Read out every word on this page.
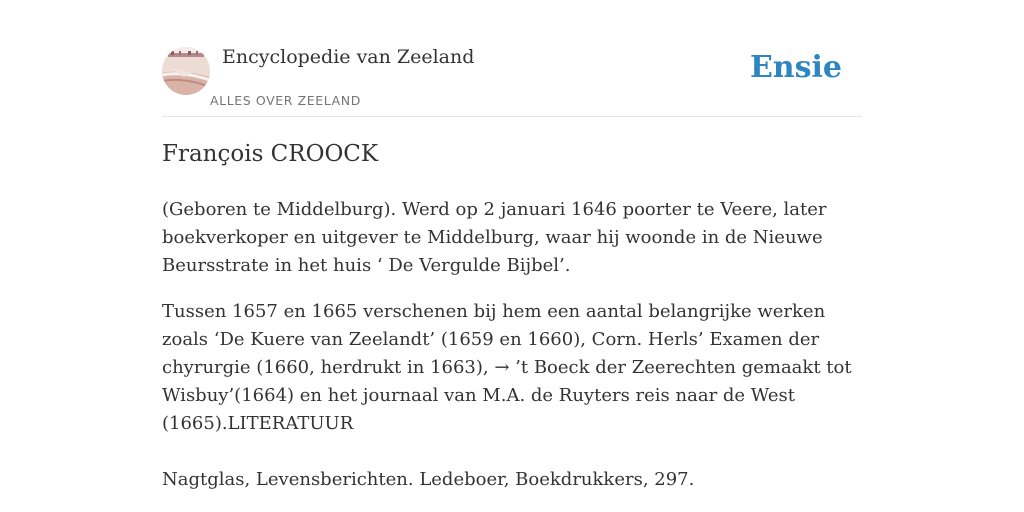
Encyclopedie van Zeeland
ALLES OVER ZEELAND
Ensie
François CROOCK

(Geboren te Middelburg). Werd op 2 januari 1646 poorter te Veere, later boekverkoper en uitgever te Middelburg, waar hij woonde in de Nieuwe Beursstrate in het huis ‘ De Vergulde Bijbel’.

Tussen 1657 en 1665 verschenen bij hem een aantal belangrijke werken zoals ‘De Kuere van Zeelandt’ (1659 en 1660), Corn. Herls’ Examen der chyrurgie (1660, herdrukt in 1663), → ’t Boeck der Zeerechten gemaakt tot Wisbuy’(1664) en het journaal van M.A. de Ruyters reis naar de West (1665).LITERATUUR

Nagtglas, Levensberichten. Ledeboer, Boekdrukkers, 297.
